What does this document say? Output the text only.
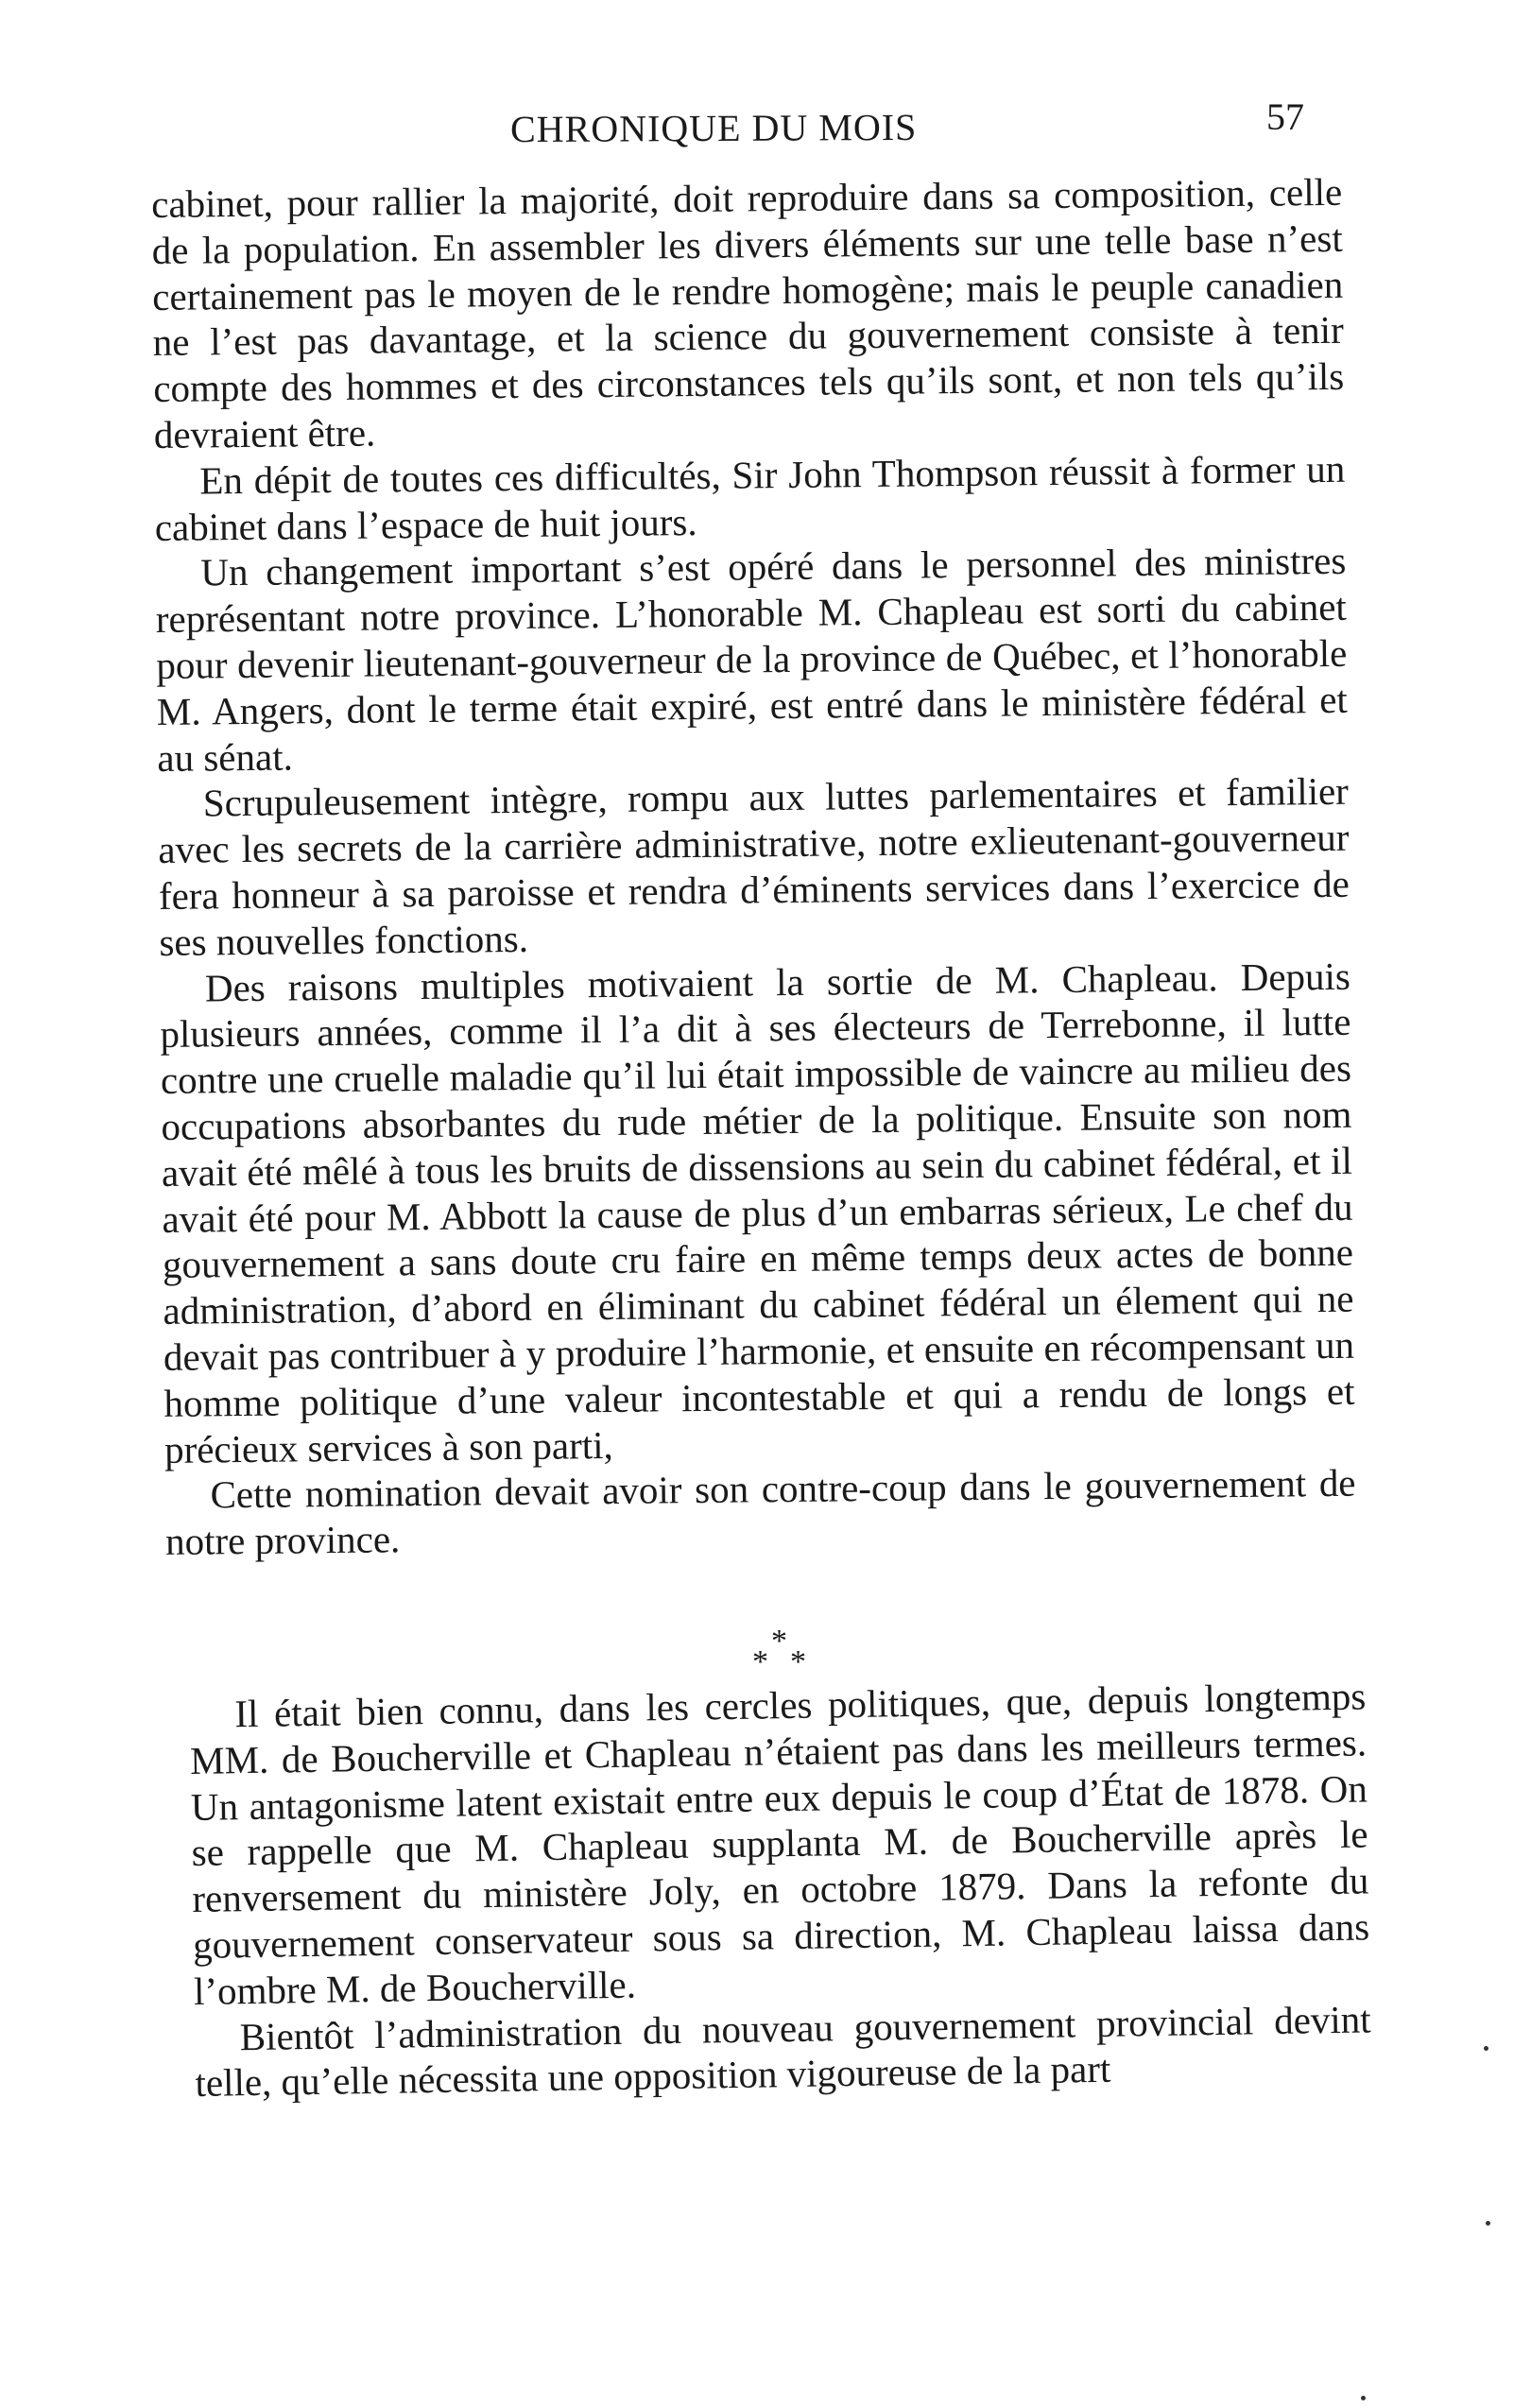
CHRONIQUE DU MOIS	57

cabinet, pour rallier la majorité, doit reproduire dans sa composition, celle de la population. En assembler les divers éléments sur une telle base n’est certainement pas le moyen de le rendre homogène; mais le peuple canadien ne l’est pas davantage, et la science du gouvernement consiste à tenir compte des hommes et des circonstances tels qu’ils sont, et non tels qu’ils devraient être.

En dépit de toutes ces difficultés, Sir John Thompson réussit à former un cabinet dans l’espace de huit jours.

Un changement important s’est opéré dans le personnel des ministres représentant notre province. L’honorable M. Chapleau est sorti du cabinet pour devenir lieutenant-gouverneur de la province de Québec, et l’honorable M. Angers, dont le terme était expiré, est entré dans le ministère fédéral et au sénat.

Scrupuleusement intègre, rompu aux luttes parlementaires et familier avec les secrets de la carrière administrative, notre exlieutenant-gouverneur fera honneur à sa paroisse et rendra d’éminents services dans l’exercice de ses nouvelles fonctions.

Des raisons multiples motivaient la sortie de M. Chapleau. Depuis plusieurs années, comme il l’a dit à ses électeurs de Terrebonne, il lutte contre une cruelle maladie qu’il lui était impossible de vaincre au milieu des occupations absorbantes du rude métier de la politique. Ensuite son nom avait été mêlé à tous les bruits de dissensions au sein du cabinet fédéral, et il avait été pour M. Abbott la cause de plus d’un embarras sérieux, Le chef du gouvernement a sans doute cru faire en même temps deux actes de bonne administration, d’abord en éliminant du cabinet fédéral un élement qui ne devait pas contribuer à y produire l’harmonie, et ensuite en récompensant un homme politique d’une valeur incontestable et qui a rendu de longs et précieux services à son parti,

Cette nomination devait avoir son contre-coup dans le gouvernement de notre province.

*
* *

Il était bien connu, dans les cercles politiques, que, depuis longtemps MM. de Boucherville et Chapleau n’étaient pas dans les meilleurs termes. Un antagonisme latent existait entre eux depuis le coup d’État de 1878. On se rappelle que M. Chapleau supplanta M. de Boucherville après le renversement du ministère Joly, en octobre 1879. Dans la refonte du gouvernement conservateur sous sa direction, M. Chapleau laissa dans l’ombre M. de Boucherville.

Bientôt l’administration du nouveau gouvernement provincial devint telle, qu’elle nécessita une opposition vigoureuse de la part
